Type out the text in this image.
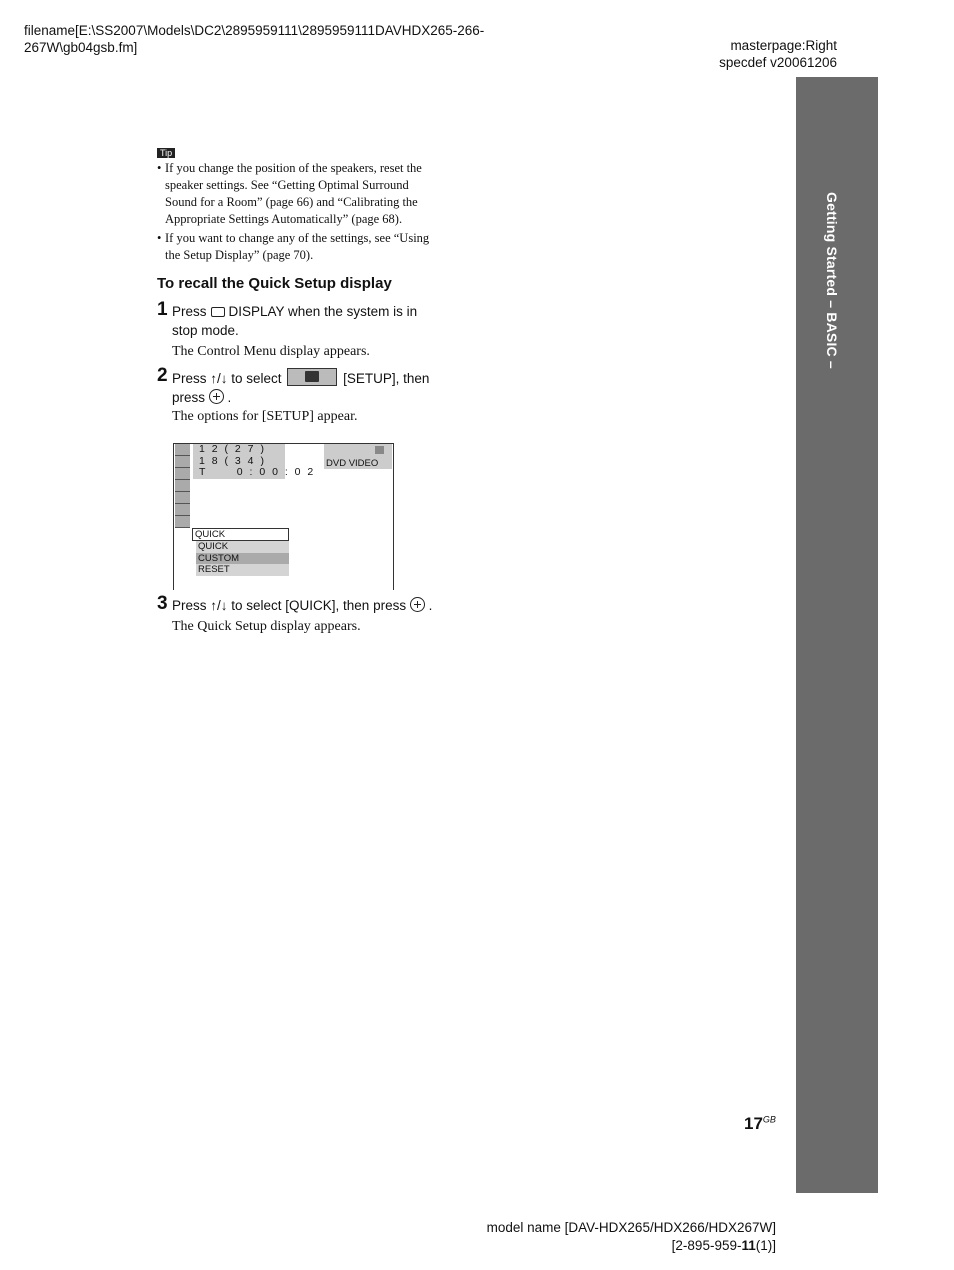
filename[E:\SS2007\Models\DC2\2895959111\2895959111DAVHDX265-266-
267W\gb04gsb.fm]	masterpage:Right
specdef v20061206
Getting Started – BASIC –
Tip
• If you change the position of the speakers, reset the
speaker settings. See “Getting Optimal Surround
Sound for a Room” (page 66) and “Calibrating the
Appropriate Settings Automatically” (page 68).
• If you want to change any of the settings, see “Using
the Setup Display” (page 70).
To recall the Quick Setup display
1 Press DISPLAY when the system is in
stop mode.
The Control Menu display appears.
2 Press ↑/↓ to select	[SETUP], then
press  .
The options for [SETUP] appear.
1 2 ( 2 7 )
1 8 ( 3 4 )
T      0 : 0 0 : 0 2
DVD VIDEO
QUICK
QUICK
CUSTOM
RESET
3 Press ↑/↓ to select [QUICK], then press  .
The Quick Setup display appears.
$17^{GB}$
model name [DAV-HDX265/HDX266/HDX267W]
[2-895-959-11(1)]
